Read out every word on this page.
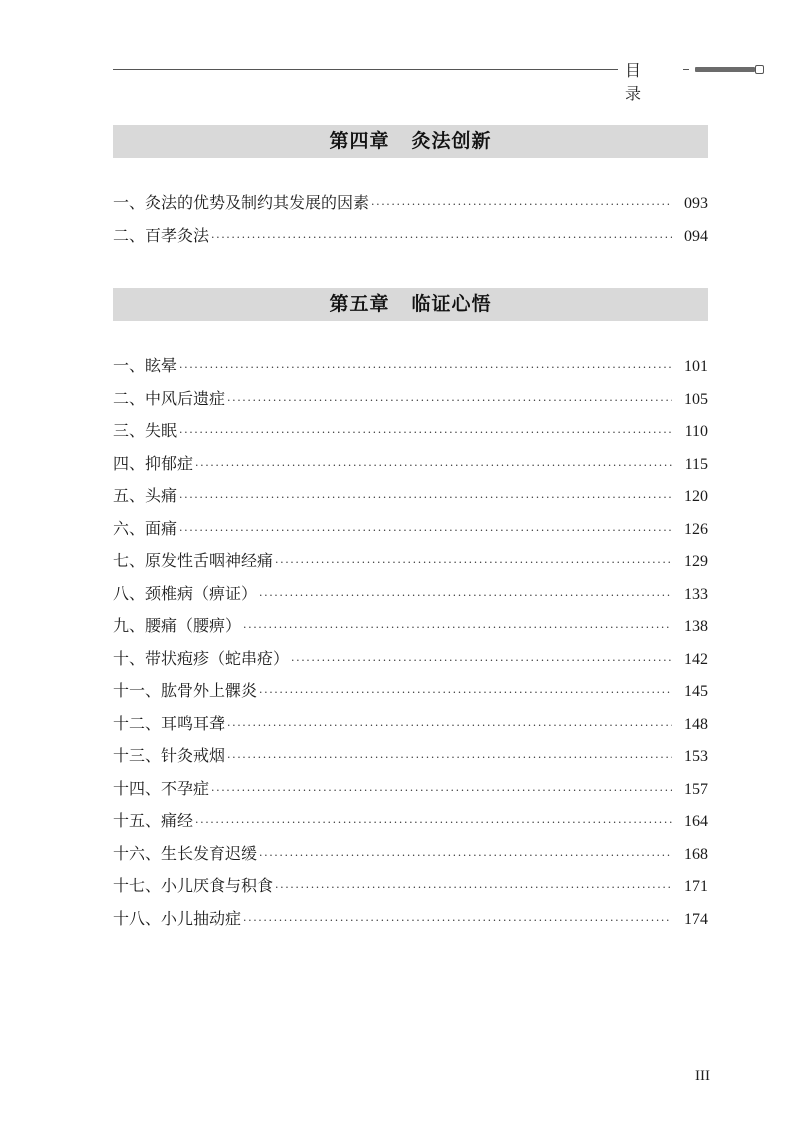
目 录
第四章 灸法创新
一、灸法的优势及制约其发展的因素 ·····	093
二、百孝灸法 ·····	094
第五章 临证心悟
一、眩晕 ·····	101
二、中风后遗症 ·····	105
三、失眠 ·····	110
四、抑郁症 ·····	115
五、头痛 ·····	120
六、面痛 ·····	126
七、原发性舌咽神经痛 ·····	129
八、颈椎病（痹证） ·····	133
九、腰痛（腰痹） ·····	138
十、带状疱疹（蛇串疮） ·····	142
十一、肱骨外上髁炎 ·····	145
十二、耳鸣耳聋 ·····	148
十三、针灸戒烟 ·····	153
十四、不孕症 ·····	157
十五、痛经 ·····	164
十六、生长发育迟缓 ·····	168
十七、小儿厌食与积食 ·····	171
十八、小儿抽动症 ·····	174
III
